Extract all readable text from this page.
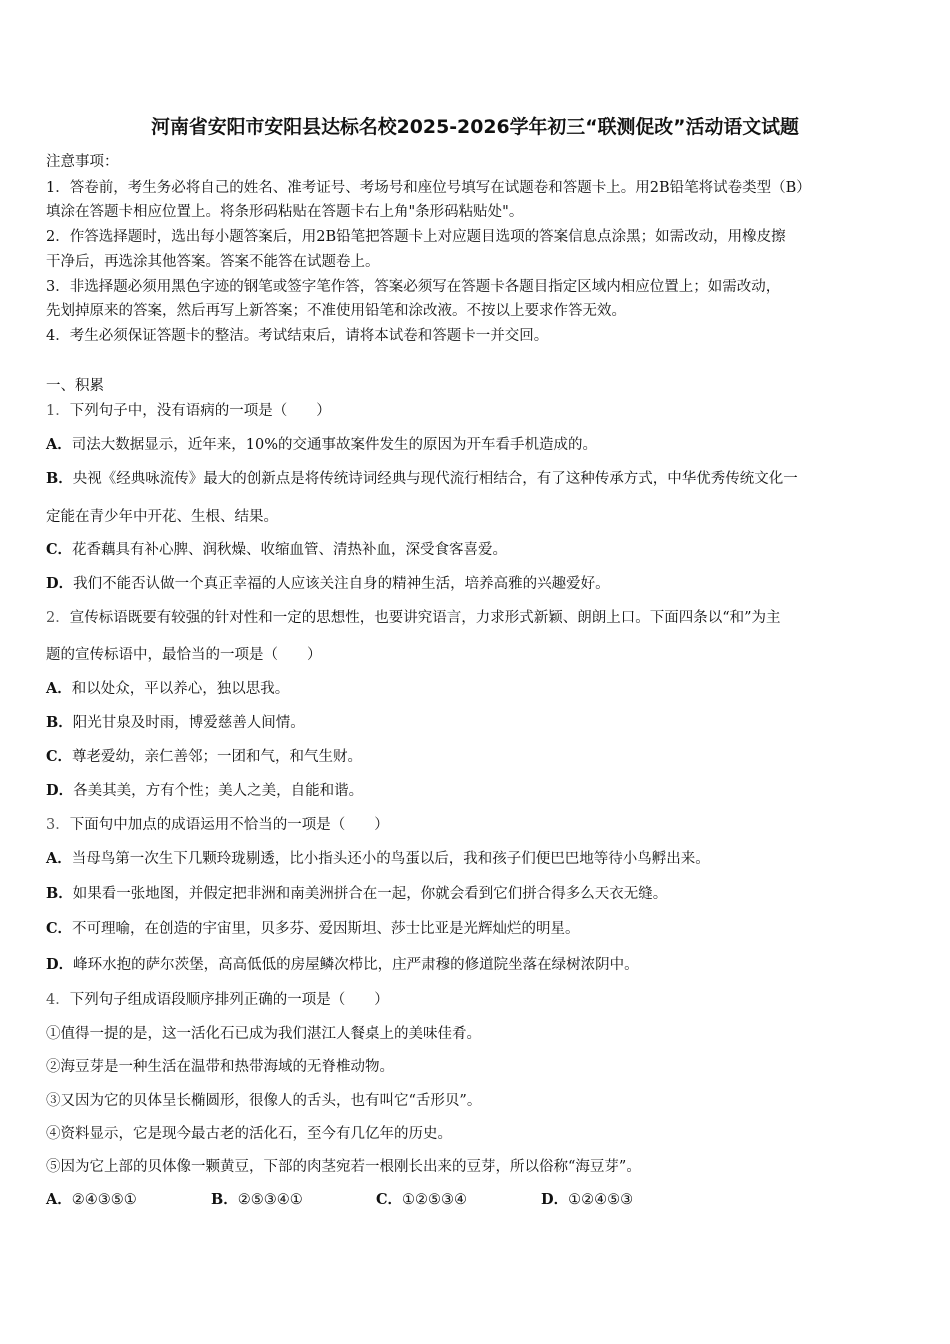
河南省安阳市安阳县达标名校2025-2026学年初三“联测促改”活动语文试题
注意事项：
1．答卷前，考生务必将自己的姓名、准考证号、考场号和座位号填写在试题卷和答题卡上。用2B铅笔将试卷类型（B）
填涂在答题卡相应位置上。将条形码粘贴在答题卡右上角"条形码粘贴处"。
2．作答选择题时，选出每小题答案后，用2B铅笔把答题卡上对应题目选项的答案信息点涂黑；如需改动，用橡皮擦
干净后，再选涂其他答案。答案不能答在试题卷上。
3．非选择题必须用黑色字迹的钢笔或签字笔作答，答案必须写在答题卡各题目指定区域内相应位置上；如需改动，
先划掉原来的答案，然后再写上新答案；不准使用铅笔和涂改液。不按以上要求作答无效。
4．考生必须保证答题卡的整洁。考试结束后，请将本试卷和答题卡一并交回。
一、积累
1．下列句子中，没有语病的一项是（　　）
A．司法大数据显示，近年来，10%的交通事故案件发生的原因为开车看手机造成的。
B．央视《经典咏流传》最大的创新点是将传统诗词经典与现代流行相结合，有了这种传承方式，中华优秀传统文化一
定能在青少年中开花、生根、结果。
C．花香藕具有补心脾、润秋燥、收缩血管、清热补血，深受食客喜爱。
D．我们不能否认做一个真正幸福的人应该关注自身的精神生活，培养高雅的兴趣爱好。
2．宣传标语既要有较强的针对性和一定的思想性，也要讲究语言，力求形式新颖、朗朗上口。下面四条以“和”为主
题的宣传标语中，最恰当的一项是（　　）
A．和以处众，平以养心，独以思我。
B．阳光甘泉及时雨，博爱慈善人间情。
C．尊老爱幼，亲仁善邻；一团和气，和气生财。
D．各美其美，方有个性；美人之美，自能和谐。
3．下面句中加点的成语运用不恰当的一项是（　　）
A．当母鸟第一次生下几颗玲珑剔透，比小指头还小的鸟蛋以后，我和孩子们便巴巴地等待小鸟孵出来。
B．如果看一张地图，并假定把非洲和南美洲拼合在一起，你就会看到它们拼合得多么天衣无缝。
C．不可理喻，在创造的宇宙里，贝多芬、爱因斯坦、莎士比亚是光辉灿烂的明星。
D．峰环水抱的萨尔茨堡，高高低低的房屋鳞次栉比，庄严肃穆的修道院坐落在绿树浓阴中。
4．下列句子组成语段顺序排列正确的一项是（　　）
①值得一提的是，这一活化石已成为我们湛江人餐桌上的美味佳肴。
②海豆芽是一种生活在温带和热带海域的无脊椎动物。
③又因为它的贝体呈长椭圆形，很像人的舌头，也有叫它“舌形贝”。
④资料显示，它是现今最古老的活化石，至今有几亿年的历史。
⑤因为它上部的贝体像一颗黄豆，下部的肉茎宛若一根刚长出来的豆芽，所以俗称“海豆芽”。
A．②④③⑤①	B．②⑤③④①	C．①②⑤③④	D．①②④⑤③
